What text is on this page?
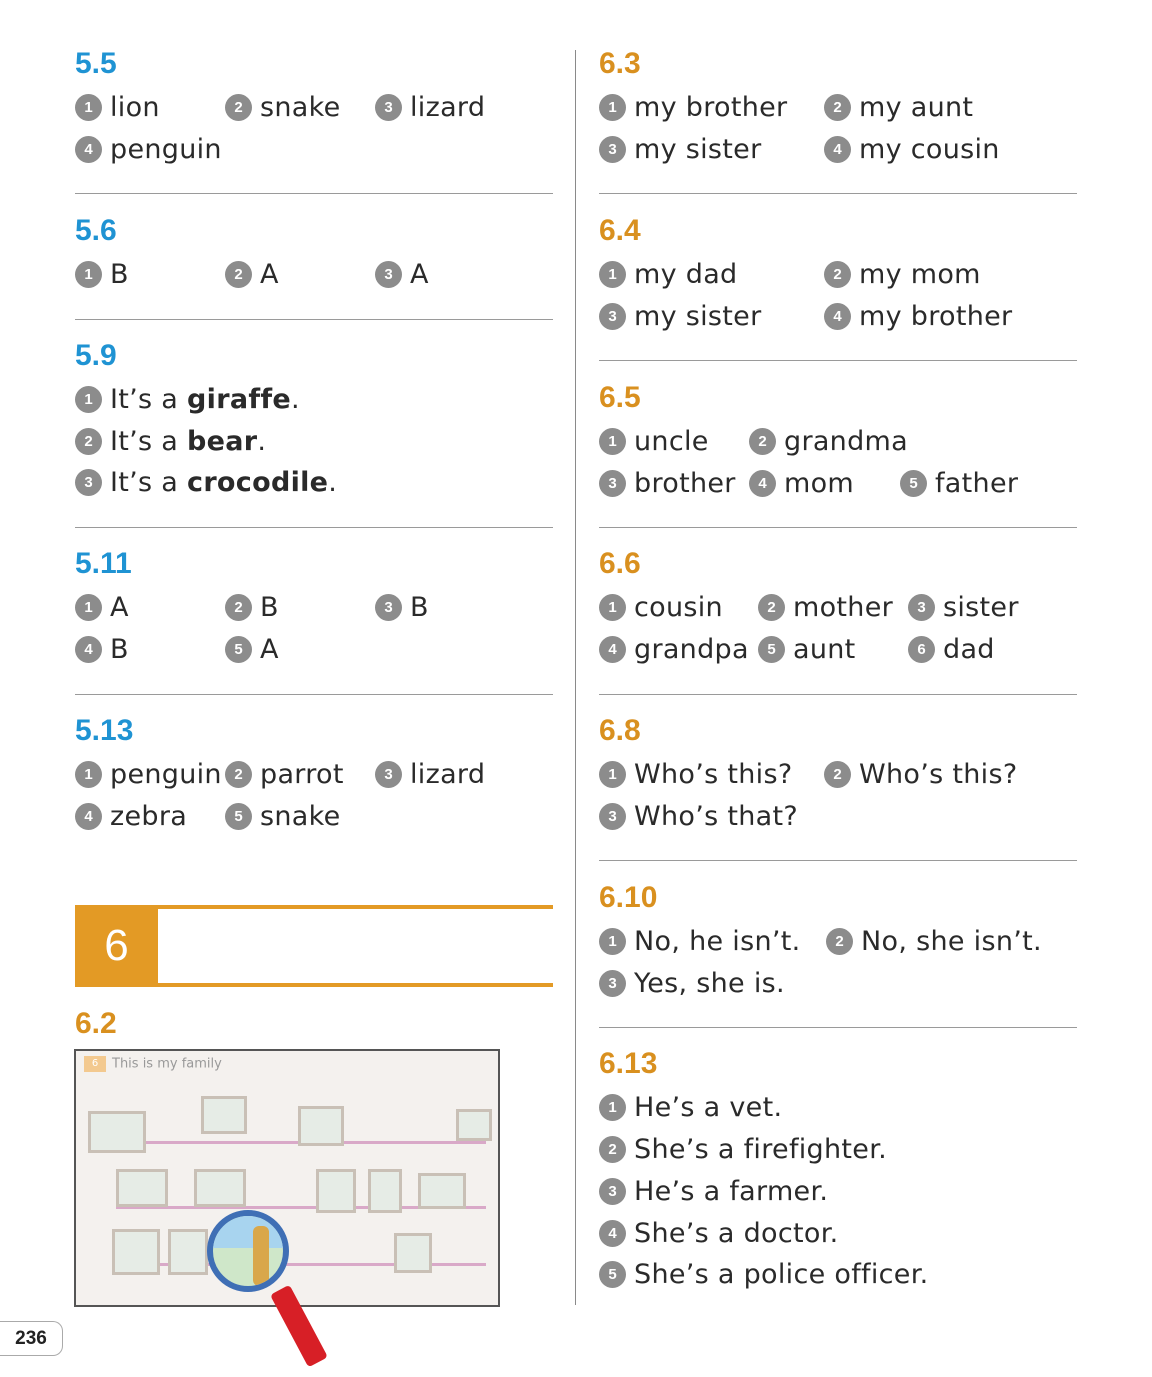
5.5
1 lion	2 snake	3 lizard
4 penguin
5.6
1 B	2 A	3 A
5.9
1 It’s a giraffe.
2 It’s a bear.
3 It’s a crocodile.
5.11
1 A	2 B	3 B
4 B	5 A
5.13
1 penguin 2 parrot	3 lizard
4 zebra	5 snake
6
6.2
6 This is my family
6.3
1 my brother	2 my aunt
3 my sister	4 my cousin
6.4
1 my dad	2 my mom
3 my sister	4 my brother
6.5
1 uncle	2 grandma
3 brother	4 mom	5 father
6.6
1 cousin	2 mother	3 sister
4 grandpa	5 aunt	6 dad
6.8
1 Who’s this?	2 Who’s this?
3 Who’s that?
6.10
1 No, he isn’t.	2 No, she isn’t.
3 Yes, she is.
6.13
1 He’s a vet.
2 She’s a firefighter.
3 He’s a farmer.
4 She’s a doctor.
5 She’s a police officer.
236
